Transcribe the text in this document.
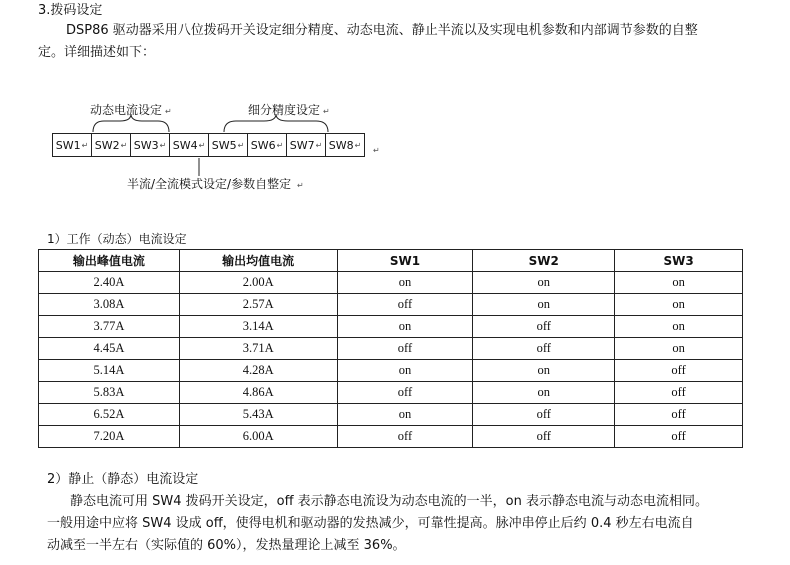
3.拨码设定
DSP86 驱动器采用八位拨码开关设定细分精度、动态电流、静止半流以及实现电机参数和内部调节参数的自整
定。详细描述如下：
动态电流设定 ↵	细分精度设定 ↵
SW1↵ SW2↵ SW3↵ SW4↵ SW5↵ SW6↵ SW7↵ SW8↵
↵
半流/全流模式设定/参数自整定 ↵
1）工作（动态）电流设定
输出峰值电流	输出均值电流	SW1	SW2	SW3
2.40A	2.00A	on	on	on
3.08A	2.57A	off	on	on
3.77A	3.14A	on	off	on
4.45A	3.71A	off	off	on
5.14A	4.28A	on	on	off
5.83A	4.86A	off	on	off
6.52A	5.43A	on	off	off
7.20A	6.00A	off	off	off
2）静止（静态）电流设定
静态电流可用 SW4 拨码开关设定，off 表示静态电流设为动态电流的一半，on 表示静态电流与动态电流相同。
一般用途中应将 SW4 设成 off，使得电机和驱动器的发热减少，可靠性提高。脉冲串停止后约 0.4 秒左右电流自
动减至一半左右（实际值的 60%），发热量理论上减至 36%。
